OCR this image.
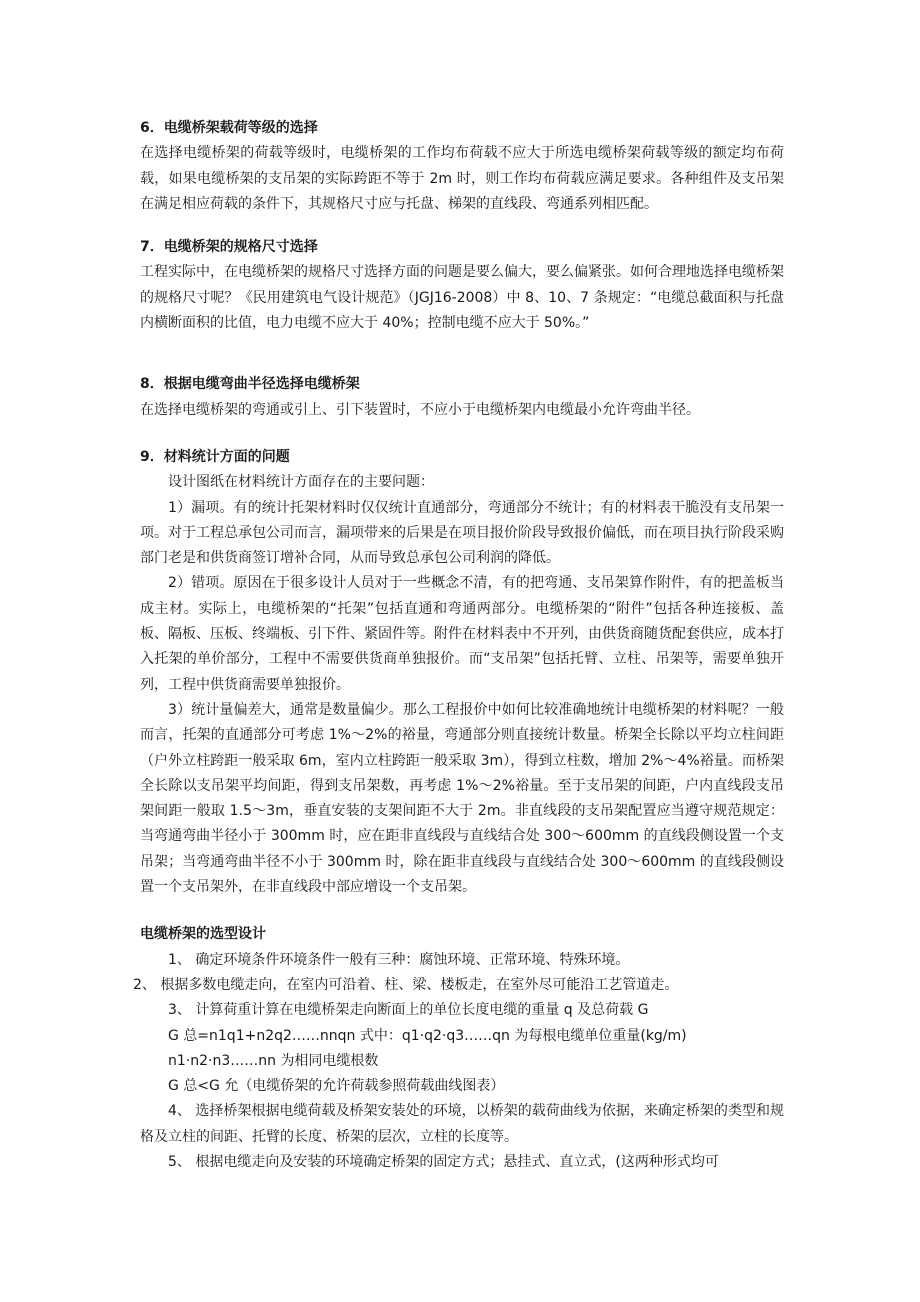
6．电缆桥架载荷等级的选择

在选择电缆桥架的荷载等级时，电缆桥架的工作均布荷载不应大于所选电缆桥架荷载等级的额定均布荷载，如果电缆桥架的支吊架的实际跨距不等于 2m 时，则工作均布荷载应满足要求。各种组件及支吊架在满足相应荷载的条件下，其规格尺寸应与托盘、梯架的直线段、弯通系列相匹配。

7．电缆桥架的规格尺寸选择

工程实际中，在电缆桥架的规格尺寸选择方面的问题是要么偏大，要么偏紧张。如何合理地选择电缆桥架的规格尺寸呢？《民用建筑电气设计规范》（JGJ16-2008）中 8、10、7 条规定：“电缆总截面积与托盘内横断面积的比值，电力电缆不应大于 40%；控制电缆不应大于 50%。”

8．根据电缆弯曲半径选择电缆桥架

在选择电缆桥架的弯通或引上、引下装置时，不应小于电缆桥架内电缆最小允许弯曲半径。

9．材料统计方面的问题

设计图纸在材料统计方面存在的主要问题：

1）漏项。有的统计托架材料时仅仅统计直通部分，弯通部分不统计；有的材料表干脆没有支吊架一项。对于工程总承包公司而言，漏项带来的后果是在项目报价阶段导致报价偏低，而在项目执行阶段采购部门老是和供货商签订增补合同，从而导致总承包公司利润的降低。

2）错项。原因在于很多设计人员对于一些概念不清，有的把弯通、支吊架算作附件，有的把盖板当成主材。实际上，电缆桥架的“托架”包括直通和弯通两部分。电缆桥架的“附件”包括各种连接板、盖板、隔板、压板、终端板、引下件、紧固件等。附件在材料表中不开列，由供货商随货配套供应，成本打入托架的单价部分，工程中不需要供货商单独报价。而“支吊架”包括托臂、立柱、吊架等，需要单独开列，工程中供货商需要单独报价。

3）统计量偏差大，通常是数量偏少。那么工程报价中如何比较准确地统计电缆桥架的材料呢？一般而言，托架的直通部分可考虑 1%～2%的裕量，弯通部分则直接统计数量。桥架全长除以平均立柱间距（户外立柱跨距一般采取 6m，室内立柱跨距一般采取 3m），得到立柱数，增加 2%～4%裕量。而桥架全长除以支吊架平均间距，得到支吊架数，再考虑 1%～2%裕量。至于支吊架的间距，户内直线段支吊架间距一般取 1.5～3m，垂直安装的支架间距不大于 2m。非直线段的支吊架配置应当遵守规范规定：当弯通弯曲半径小于 300mm 时，应在距非直线段与直线结合处 300～600mm 的直线段侧设置一个支吊架；当弯通弯曲半径不小于 300mm 时，除在距非直线段与直线结合处 300～600mm 的直线段侧设置一个支吊架外，在非直线段中部应增设一个支吊架。

电缆桥架的选型设计

1、 确定环境条件环境条件一般有三种：腐蚀环境、正常环境、特殊环境。

2、 根据多数电缆走向，在室内可沿着、柱、梁、楼板走，在室外尽可能沿工艺管道走。

3、 计算荷重计算在电缆桥架走向断面上的单位长度电缆的重量 q 及总荷载 G

G 总=n1q1+n2q2……nnqn 式中：q1·q2·q3……qn 为每根电缆单位重量(kg/m)

n1·n2·n3……nn 为相同电缆根数

G 总<G 允（电缆侨架的允许荷载参照荷载曲线图表）

4、 选择桥架根据电缆荷载及桥架安装处的环境，以桥架的载荷曲线为依据，来确定桥架的类型和规格及立柱的间距、托臂的长度、桥架的层次，立柱的长度等。

5、 根据电缆走向及安装的环境确定桥架的固定方式；悬挂式、直立式，(这两种形式均可
